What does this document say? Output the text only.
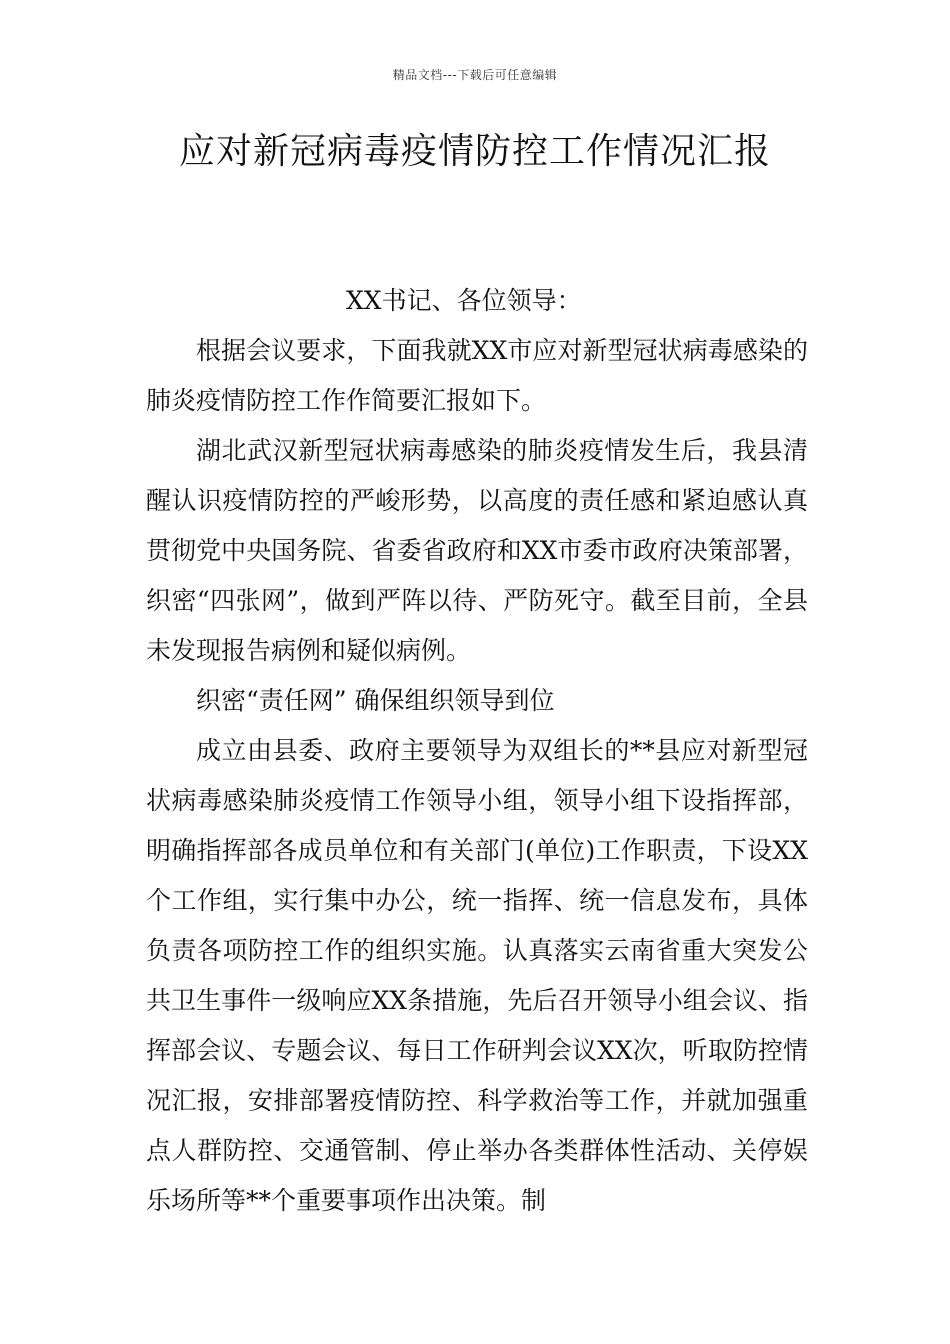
精品文档---下载后可任意编辑
应对新冠病毒疫情防控工作情况汇报

XX书记、各位领导：

根据会议要求，下面我就XX市应对新型冠状病毒感染的肺炎疫情防控工作作简要汇报如下。

湖北武汉新型冠状病毒感染的肺炎疫情发生后，我县清醒认识疫情防控的严峻形势，以高度的责任感和紧迫感认真贯彻党中央国务院、省委省政府和XX市委市政府决策部署，织密“四张网”，做到严阵以待、严防死守。截至目前，全县未发现报告病例和疑似病例。

织密“责任网” 确保组织领导到位

成立由县委、政府主要领导为双组长的**县应对新型冠状病毒感染肺炎疫情工作领导小组，领导小组下设指挥部，明确指挥部各成员单位和有关部门(单位)工作职责，下设XX个工作组，实行集中办公，统一指挥、统一信息发布，具体负责各项防控工作的组织实施。认真落实云南省重大突发公共卫生事件一级响应XX条措施，先后召开领导小组会议、指挥部会议、专题会议、每日工作研判会议XX次，听取防控情况汇报，安排部署疫情防控、科学救治等工作，并就加强重点人群防控、交通管制、停止举办各类群体性活动、关停娱乐场所等**个重要事项作出决策。制
